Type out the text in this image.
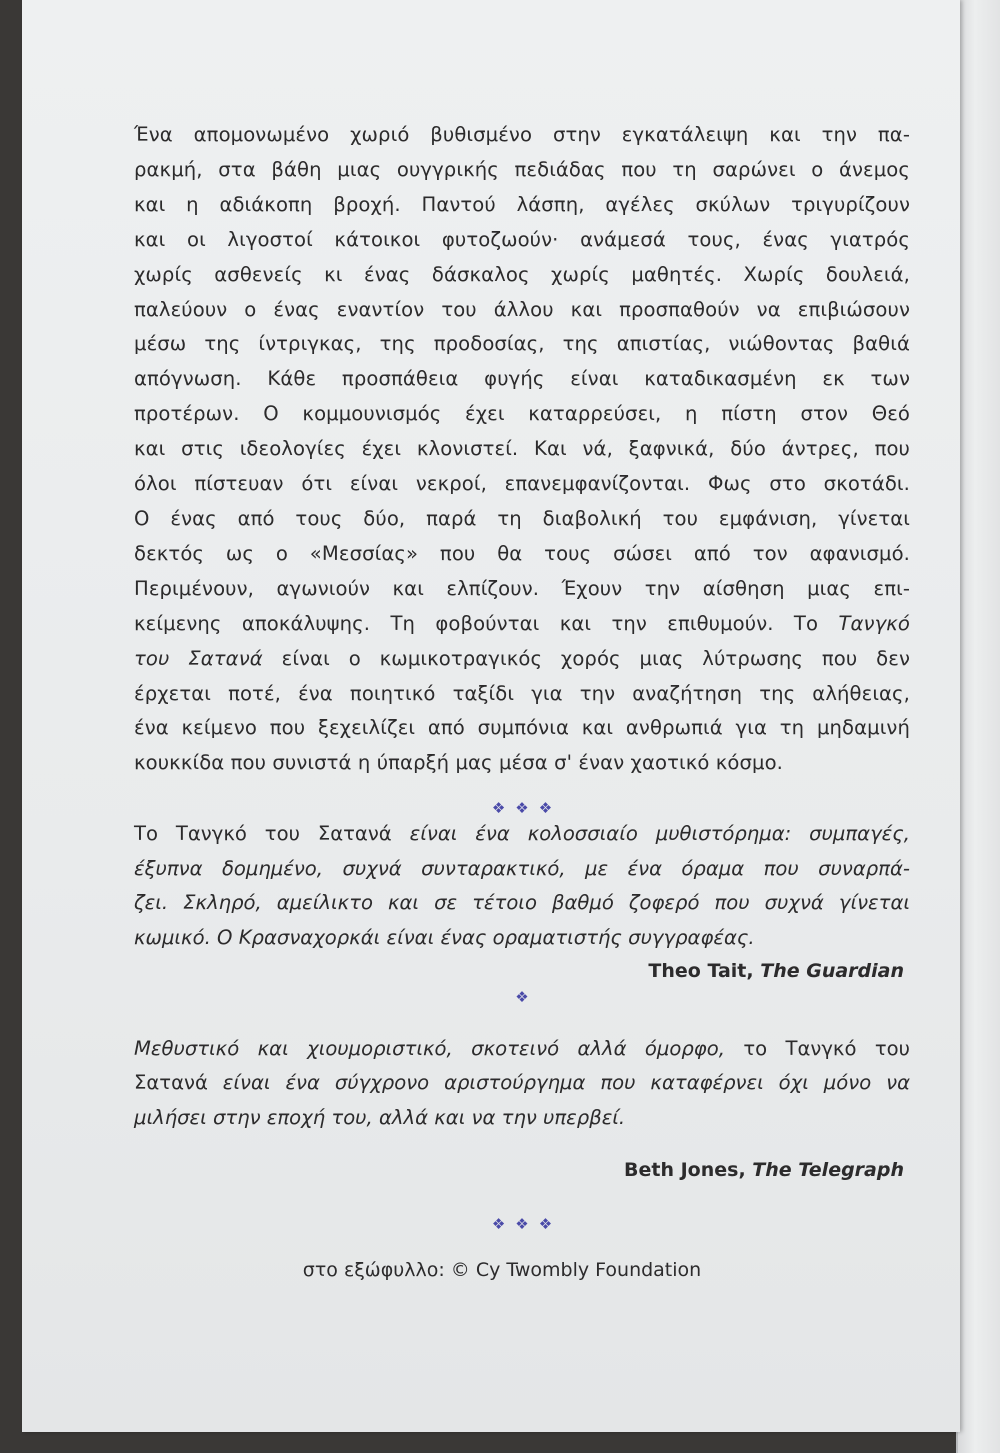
Ένα απομονωμένο χωριό βυθισμένο στην εγκατάλειψη και την πα-
ρακμή, στα βάθη μιας ουγγρικής πεδιάδας που τη σαρώνει ο άνεμος
και η αδιάκοπη βροχή. Παντού λάσπη, αγέλες σκύλων τριγυρίζουν
και οι λιγοστοί κάτοικοι φυτοζωούν· ανάμεσά τους, ένας γιατρός
χωρίς ασθενείς κι ένας δάσκαλος χωρίς μαθητές. Χωρίς δουλειά,
παλεύουν ο ένας εναντίον του άλλου και προσπαθούν να επιβιώσουν
μέσω της ίντριγκας, της προδοσίας, της απιστίας, νιώθοντας βαθιά
απόγνωση. Κάθε προσπάθεια φυγής είναι καταδικασμένη εκ των
προτέρων. Ο κομμουνισμός έχει καταρρεύσει, η πίστη στον Θεό
και στις ιδεολογίες έχει κλονιστεί. Και νά, ξαφνικά, δύο άντρες, που
όλοι πίστευαν ότι είναι νεκροί, επανεμφανίζονται. Φως στο σκοτάδι.
Ο ένας από τους δύο, παρά τη διαβολική του εμφάνιση, γίνεται
δεκτός ως ο «Μεσσίας» που θα τους σώσει από τον αφανισμό.
Περιμένουν, αγωνιούν και ελπίζουν. Έχουν την αίσθηση μιας επι-
κείμενης αποκάλυψης. Τη φοβούνται και την επιθυμούν. Το Τανγκό
του Σατανά είναι ο κωμικοτραγικός χορός μιας λύτρωσης που δεν
έρχεται ποτέ, ένα ποιητικό ταξίδι για την αναζήτηση της αλήθειας,
ένα κείμενο που ξεχειλίζει από συμπόνια και ανθρωπιά για τη μηδαμινή
κουκκίδα που συνιστά η ύπαρξή μας μέσα σ' έναν χαοτικό κόσμο.

❖❖❖

Το Τανγκό του Σατανά είναι ένα κολοσσιαίο μυθιστόρημα: συμπαγές,
έξυπνα δομημένο, συχνά συνταρακτικό, με ένα όραμα που συναρπά-
ζει. Σκληρό, αμείλικτο και σε τέτοιο βαθμό ζοφερό που συχνά γίνεται
κωμικό. Ο Κρασναχορκάι είναι ένας οραματιστής συγγραφέας.

Theo Tait, The Guardian

❖

Μεθυστικό και χιουμοριστικό, σκοτεινό αλλά όμορφο, το Τανγκό του
Σατανά είναι ένα σύγχρονο αριστούργημα που καταφέρνει όχι μόνο να
μιλήσει στην εποχή του, αλλά και να την υπερβεί.

Beth Jones, The Telegraph

❖❖❖

στο εξώφυλλο: © Cy Twombly Foundation
